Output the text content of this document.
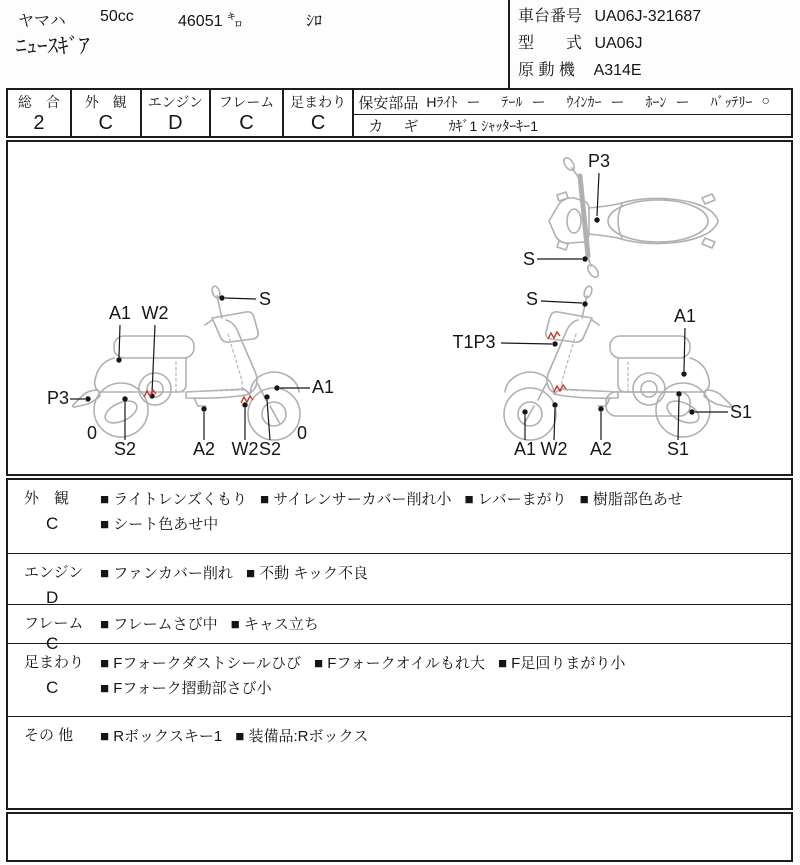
ヤマハ 50cc	46051 ㌔	ｼﾛ
ﾆｭｰｽｷﾞｱ
車台番号 UA06J-321687
型　　式 UA06J
原 動 機 A314E
総　合
2
外　観
C
エンジン
D
フレーム
C
足まわり
C
保安部品 Hﾗｲﾄ ー ﾃｰﾙ ー ｳｲﾝｶｰ ー ﾎｰﾝ ー ﾊﾞｯﾃﾘｰ ○
カ ギ	ｶｷﾞ1 ｼｬｯﾀｰｷｰ1
P3
S
A1 W2
S
P3
A1
0
S2	A2 W2 S2
0
S
T1P3
A1
S1
A1 W2 A2	S1
外　観
C
■ ライトレンズくもり ■ サイレンサーカバー削れ小 ■ レバーまがり ■ 樹脂部色あせ
■ シート色あせ中
エンジン
D
■ ファンカバー削れ ■ 不動 キック不良
フレーム
C
■ フレームさび中 ■ キャス立ち
足まわり
C
■ Fフォークダストシールひび ■ Fフォークオイルもれ大 ■ F足回りまがり小
■ Fフォーク摺動部さび小
その 他	■ Rボックスキー1 ■ 装備品:Rボックス
